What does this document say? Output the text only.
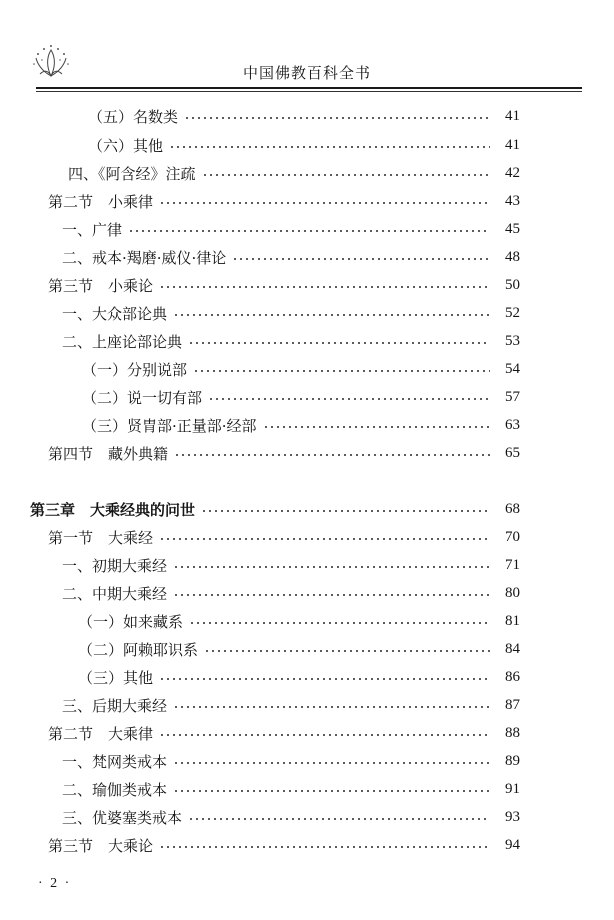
中国佛教百科全书
（五）名数类	41
（六）其他	41
四、《阿含经》注疏	42
第二节　小乘律	43
一、广律	45
二、戒本·羯磨·威仪·律论	48
第三节　小乘论	50
一、大众部论典	52
二、上座论部论典	53
（一）分别说部	54
（二）说一切有部	57
（三）贤胄部·正量部·经部	63
第四节　藏外典籍	65
第三章　大乘经典的问世	68
第一节　大乘经	70
一、初期大乘经	71
二、中期大乘经	80
（一）如来藏系	81
（二）阿赖耶识系	84
（三）其他	86
三、后期大乘经	87
第二节　大乘律	88
一、梵网类戒本	89
二、瑜伽类戒本	91
三、优婆塞类戒本	93
第三节　大乘论	94
· 2 ·
